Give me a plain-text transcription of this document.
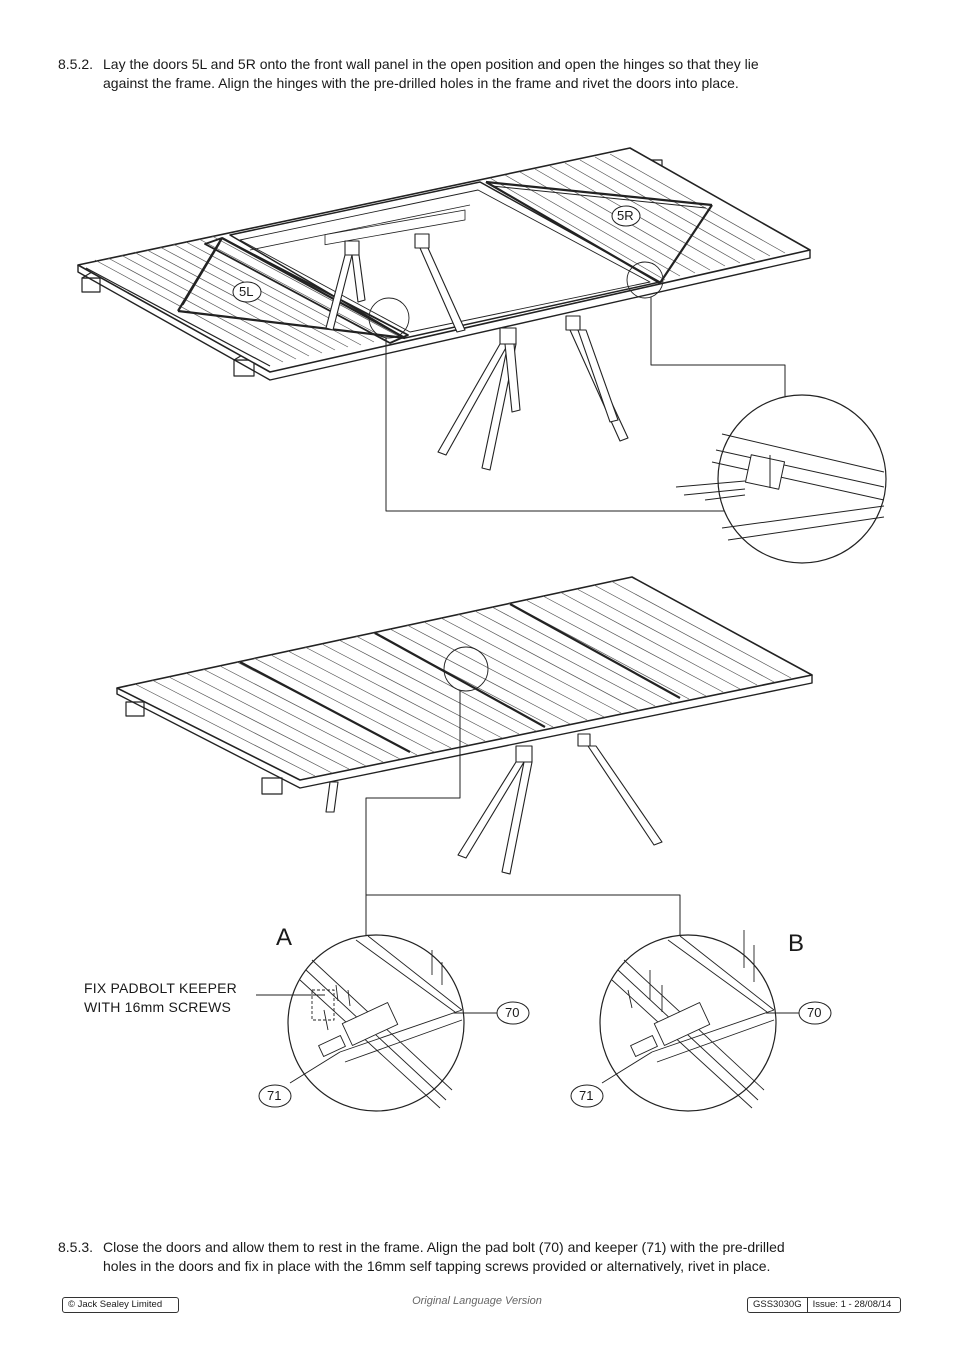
8.5.2. Lay the doors 5L and 5R onto the front wall panel in the open position and open the hinges so that they lie
against the frame. Align the hinges with the pre-drilled holes in the frame and rivet the doors into place.
5L
5R
A	B
FIX PADBOLT KEEPER
WITH 16mm SCREWS	70
71
70
71
8.5.3. Close the doors and allow them to rest in the frame. Align the pad bolt (70) and keeper (71) with the pre-drilled
holes in the doors and fix in place with the 16mm self tapping screws provided or alternatively, rivet in place.
© Jack Sealey Limited	Original Language Version	GSS3030G Issue: 1 - 28/08/14
